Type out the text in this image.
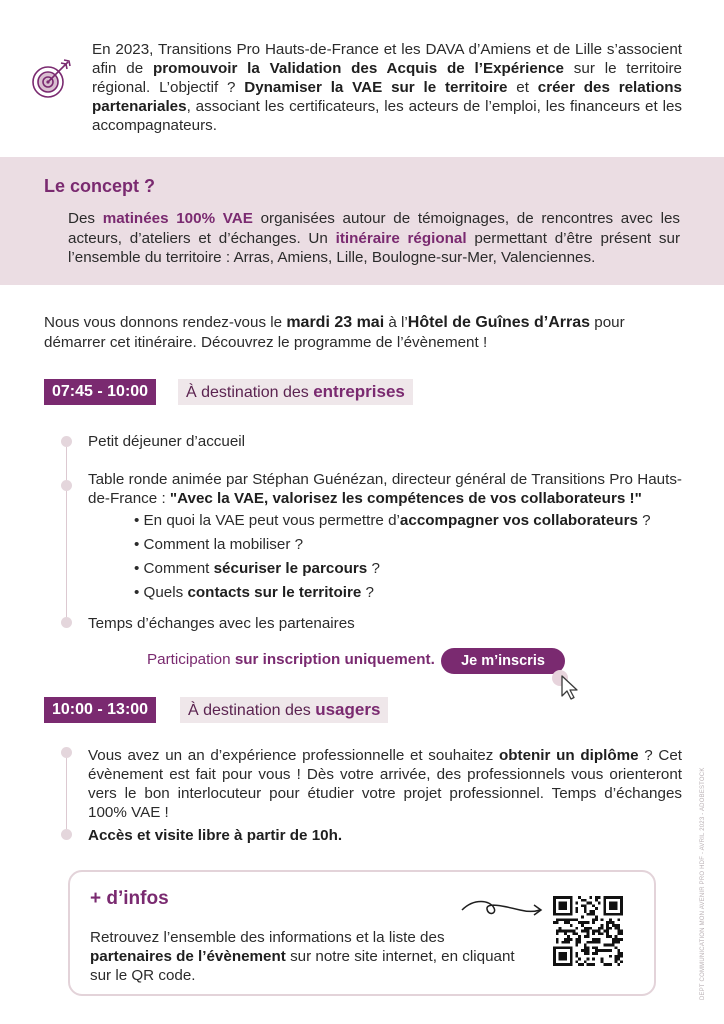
En 2023, Transitions Pro Hauts-de-France et les DAVA d’Amiens et de Lille s’associent afin de promouvoir la Validation des Acquis de l’Expérience sur le territoire régional. L’objectif ? Dynamiser la VAE sur le territoire et créer des relations partenariales, associant les certificateurs, les acteurs de l’emploi, les financeurs et les accompagnateurs.

Le concept ?

Des matinées 100% VAE organisées autour de témoignages, de rencontres avec les acteurs, d’ateliers et d’échanges. Un itinéraire régional permettant d’être présent sur l’ensemble du territoire : Arras, Amiens, Lille, Boulogne-sur-Mer, Valenciennes.

Nous vous donnons rendez-vous le mardi 23 mai à l’Hôtel de Guînes d’Arras pour démarrer cet itinéraire. Découvrez le programme de l’évènement !

07:45 - 10:00	À destination des entreprises

Petit déjeuner d’accueil

Table ronde animée par Stéphan Guénézan, directeur général de Transitions Pro Hauts-de-France : "Avec la VAE, valorisez les compétences de vos collaborateurs !"

• En quoi la VAE peut vous permettre d’accompagner vos collaborateurs ?
• Comment la mobiliser ?
• Comment sécuriser le parcours ?
• Quels contacts sur le territoire ?

Temps d’échanges avec les partenaires

Participation sur inscription uniquement.	Je m’inscris
10:00 - 13:00	À destination des usagers

Vous avez un an d’expérience professionnelle et souhaitez obtenir un diplôme ? Cet évènement est fait pour vous ! Dès votre arrivée, des professionnels vous orienteront vers le bon interlocuteur pour étudier votre projet professionnel. Temps d’échanges 100% VAE !

Accès et visite libre à partir de 10h.

+ d’infos

Retrouvez l’ensemble des informations et la liste des partenaires de l’évènement sur notre site internet, en cliquant sur le QR code.	DEPT COMMUNICATION MON AVENIR PRO HDF - AVRIL 2023 - ADOBESTOCK
